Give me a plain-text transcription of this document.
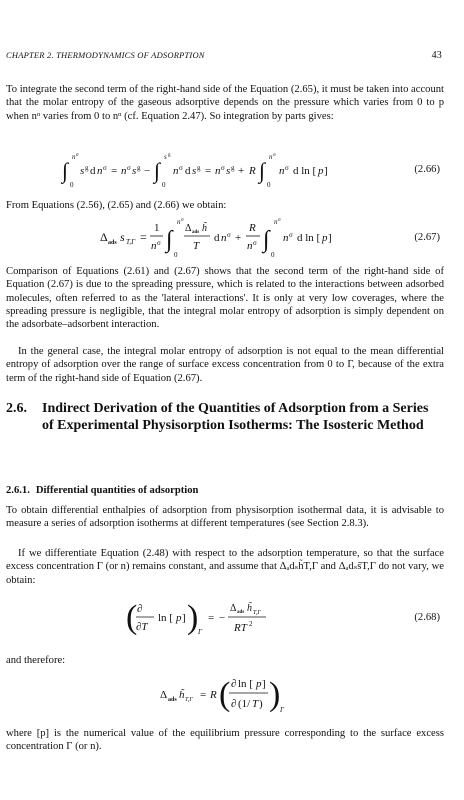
CHAPTER 2. THERMODYNAMICS OF ADSORPTION	43
To integrate the second term of the right-hand side of the Equation (2.65), it must be taken into account that the molar entropy of the gaseous adsorptive depends on the pressure which varies from 0 to p when nᵅ varies from 0 to nᵅ (cf. Equation 2.47). So integration by parts gives:
∫
n σ
0
s g d n σ = n σ s g − ∫
s g
0
n σ d s g = n σ s g + R ∫
n σ
0
n σ d ln [ p ]	(2.66)
From Equations (2.56), (2.65) and (2.66) we obtain:
Δ ads s T,Γ =
1
n σ ∫
n σ
0
Δ ads h̃
T
d n σ +
R
n σ ∫
n σ
0
n σ d ln [ p ]	(2.67)
Comparison of Equations (2.61) and (2.67) shows that the second term of the right-hand side of Equation (2.67) is due to the spreading pressure, which is related to the interactions between adsorbed molecules, often referred to as the 'lateral interactions'. It is only at very low coverages, where the spreading pressure is negligible, that the integral molar entropy of adsorption is simply dependent on the adsorbate–adsorbent interaction.
In the general case, the integral molar entropy of adsorption is not equal to the mean differential entropy of adsorption over the range of surface excess concentration from 0 to Γ, because of the extra term of the right-hand side of Equation (2.67).
2.6. Indirect Derivation of the Quantities of Adsorption from a Series of Experimental Physisorption Isotherms: The Isosteric Method
2.6.1. Differential quantities of adsorption
To obtain differential enthalpies of adsorption from physisorption isothermal data, it is advisable to measure a series of adsorption isotherms at different temperatures (see Section 2.8.3).
If we differentiate Equation (2.48) with respect to the adsorption temperature, so that the surface excess concentration Γ (or n) remains constant, and assume that Δₐdₛh̃T,Γ and Δₐdₛs̃T,Γ do not vary, we obtain:
( ∂
∂T
ln [ p ] ) Γ
= −
Δ ads h̃ T,Γ
RT 2
(2.68)
and therefore:
Δ ads h̃ T,Γ = R ( ∂ ln [ p ]
∂ (1/ T ) ) Γ
where [p] is the numerical value of the equilibrium pressure corresponding to the surface excess concentration Γ (or n).
